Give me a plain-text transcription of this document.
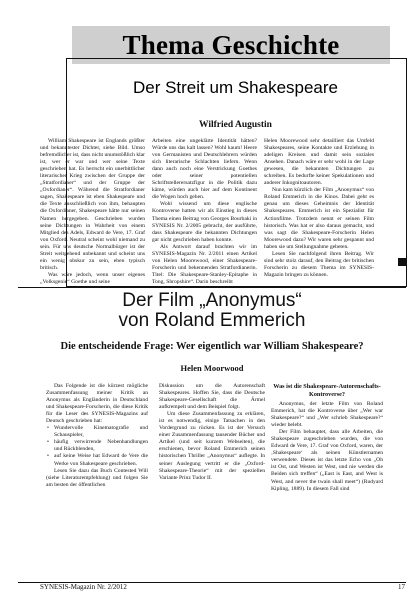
Thema Geschichte
Der Streit um Shakespeare
Wilfried Augustin

William Shakespeare ist Englands größter und bekanntester Dichter, siehe Bild. Umso befremdlicher ist, dass nicht unumstößlich klar ist, wer er war und wer seine Texte geschrieben hat. Es herrscht ein unerbittlicher literarischer Krieg zwischen der Gruppe der „Stratfordianer“ und der Gruppe der „Oxfordianer“. Während die Stratfordianer sagen, Shakespeare ist eben Shakespeare und die Texte ausschließlich von ihm, behaupten die Oxfordianer, Shakespeare hätte nur seinen Namen hergegeben. Geschrieben wurden seine Dichtungen in Wahrheit von einem Mitglied des Adels, Edward de Vere, 17. Graf von Oxford. Neutral scheint wohl niemand zu sein. Für uns deutsche Normalbürger ist der Streit weitgehend unbekannt und scheint uns ein wenig obskur zu sein, eben typisch britisch.

Was wäre jedoch, wenn unser eigenes „Volksgenie“ Goethe und seine

Arbeiten eine ungeklärte Identität hätten? Würde uns das kalt lassen? Wohl kaum! Heere von Germanisten und Deutschlehrern würden sich literarische Schlachten liefern. Wenn dann auch noch eine Verstrickung Goethes oder seiner potentiellen Schriftstellerersatzfigur in die Politik dazu käme, würden auch hier auf dem Kontinent die Wogen hoch gehen.

Wohl wissend um diese englische Kontroverse hatten wir als Einstieg in dieses Thema einen Beitrag von Georges Bourbaki in SYNESIS Nr. 2/2005 gebracht, der ausführte, dass Shakespeare die bekannten Dichtungen gar nicht geschrieben haben konnte.

Als Antwort darauf brachten wir im SYNESIS-Magazin Nr. 2/2011 einen Artikel von Helen Moorewood, einer Shakespeare-Forscherin und bekennenden Stratfordianerin. Titel: Die Shakespeare-Stanley-Epitaphe in Tong, Shropshire“. Darin beschreibt

Helen Moorewood sehr detailliert das Umfeld Shakespeares, seine Kontakte und Erziehung in adeligen Kreisen und damit sein soziales Ansehen. Danach wäre er sehr wohl in der Lage gewesen, die bekannten Dichtungen zu schreiben. Es bedurfte keiner Spekulationen und anderer Inkognitoautoren.

Nun kam kürzlich der Film „Anonymus“ von Roland Emmerich in die Kinos. Dabei geht es genau um dieses Geheimnis der Identität Shakespeares. Emmerich ist ein Spezialist für Actionfilme. Trotzdem nennt er seinen Film historisch. Was hat er also daraus gemacht, und was sagt die Shakespeare-Forscherin Helen Moorewood dazu? Wir waren sehr gespannt und haben sie um Stellungnahme gebeten.

Lesen Sie nachfolgend ihren Beitrag. Wir sind sehr stolz darauf, den Beitrag der britischen Forscherin zu diesem Thema im SYNESIS-Magazin bringen zu können.

Der Film „Anonymus“
von Roland Emmerich
Die entscheidende Frage: Wer eigentlich war William Shakespeare?
Helen Moorwood

Das Folgende ist die kürzest mögliche Zusammenfassung meiner Kritik an Anonymus als Engländerin in Deutschland und Shakespeare-Forscherin, die diese Kritik für die Leser des SYNESIS-Magazins auf Deutsch geschrieben hat:

• Wundervolle Kinematografie und Schauspieler,
• häufig verwirrende Nebenhandlungen und Rückblenden,
• auf keine Weise hat Edward de Vere die Werke von Shakespeare geschrieben.

Lesen Sie dazu das Buch Contested Will (siehe Literaturempfehlung) und folgen Sie am besten der öffentlichen

Diskussion um die Autorenschaft Shakespeares. Hoffen Sie, dass die Deutsche Shakespeare-Gesellschaft die Ärmel aufkrempelt und dem Beispiel folgt.

Um diese Zusammenfassung zu erklären, ist es notwendig, einige Tatsachen in den Vordergrund zu rücken. Es ist der Versuch einer Zusammenfassung tausender Bücher und Artikel (und seit kurzem Webseiten), die erschienen, bevor Roland Emmerich seinen historischen Thriller „Anonymus“ auflegte. In seiner Auslegung vertritt er die „Oxford-Shakespeare-Theorie“ mit der speziellen Variante Prinz Tudor II.

Was ist die Shakespeare-Autorenschafts-Kontroverse?

Anonymus, der letzte Film von Roland Emmerich, hat die Kontroverse über „Wer war Shakespeare?“ und „Wer schrieb Shakespeare?“ wieder belebt.

Der Film behauptet, dass alle Arbeiten, die Shakespeare zugeschrieben wurden, die von Edward de Vere, 17. Graf von Oxford, waren, der ‚Shakespeare‘ als seinen Künstlernamen verwendete. Dieses ist das letzte Echo von „Oh ist Ost, und Westen ist West, und nie werden die Beiden sich treffen“ („East is East, and West is West, and never the twain shall meet“) (Rudyard Kipling, 1889). In diesem Fall sind

SYNESIS-Magazin Nr. 2/2012	17
